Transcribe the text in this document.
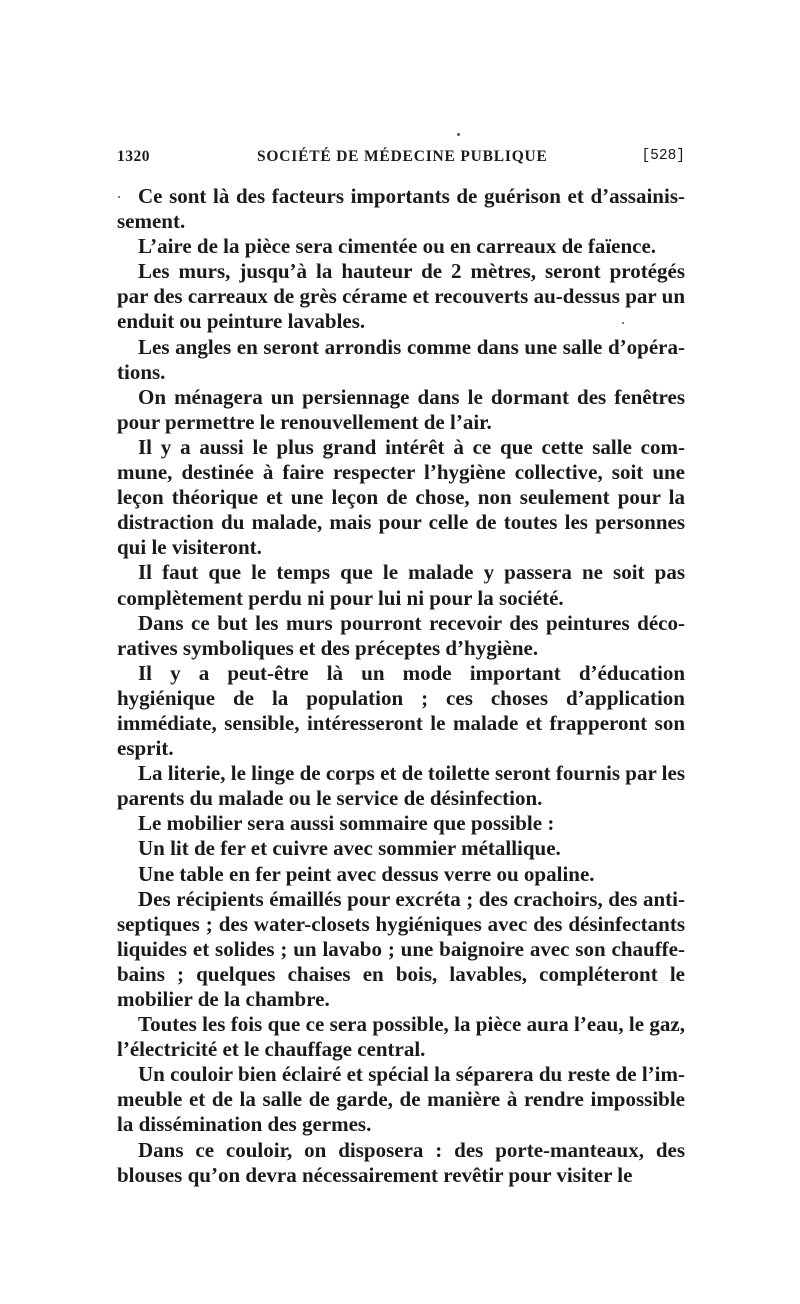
1320	SOCIÉTÉ DE MÉDECINE PUBLIQUE	[528]

Ce sont là des facteurs importants de guérison et d’assainissement.

L’aire de la pièce sera cimentée ou en carreaux de faïence.

Les murs, jusqu’à la hauteur de 2 mètres, seront protégés par des carreaux de grès cérame et recouverts au-dessus par un enduit ou peinture lavables.

Les angles en seront arrondis comme dans une salle d’opérations.

On ménagera un persiennage dans le dormant des fenêtres pour permettre le renouvellement de l’air.

Il y a aussi le plus grand intérêt à ce que cette salle commune, destinée à faire respecter l’hygiène collective, soit une leçon théorique et une leçon de chose, non seulement pour la distraction du malade, mais pour celle de toutes les personnes qui le visiteront.

Il faut que le temps que le malade y passera ne soit pas complètement perdu ni pour lui ni pour la société.

Dans ce but les murs pourront recevoir des peintures décoratives symboliques et des préceptes d’hygiène.

Il y a peut-être là un mode important d’éducation hygiénique de la population ; ces choses d’application immédiate, sensible, intéresseront le malade et frapperont son esprit.

La literie, le linge de corps et de toilette seront fournis par les parents du malade ou le service de désinfection.

Le mobilier sera aussi sommaire que possible :

Un lit de fer et cuivre avec sommier métallique.

Une table en fer peint avec dessus verre ou opaline.

Des récipients émaillés pour excréta ; des crachoirs, des antiseptiques ; des water-closets hygiéniques avec des désinfectants liquides et solides ; un lavabo ; une baignoire avec son chauffe-bains ; quelques chaises en bois, lavables, compléteront le mobilier de la chambre.

Toutes les fois que ce sera possible, la pièce aura l’eau, le gaz, l’électricité et le chauffage central.

Un couloir bien éclairé et spécial la séparera du reste de l’immeuble et de la salle de garde, de manière à rendre impossible la dissémination des germes.

Dans ce couloir, on disposera : des porte-manteaux, des blouses qu’on devra nécessairement revêtir pour visiter le
